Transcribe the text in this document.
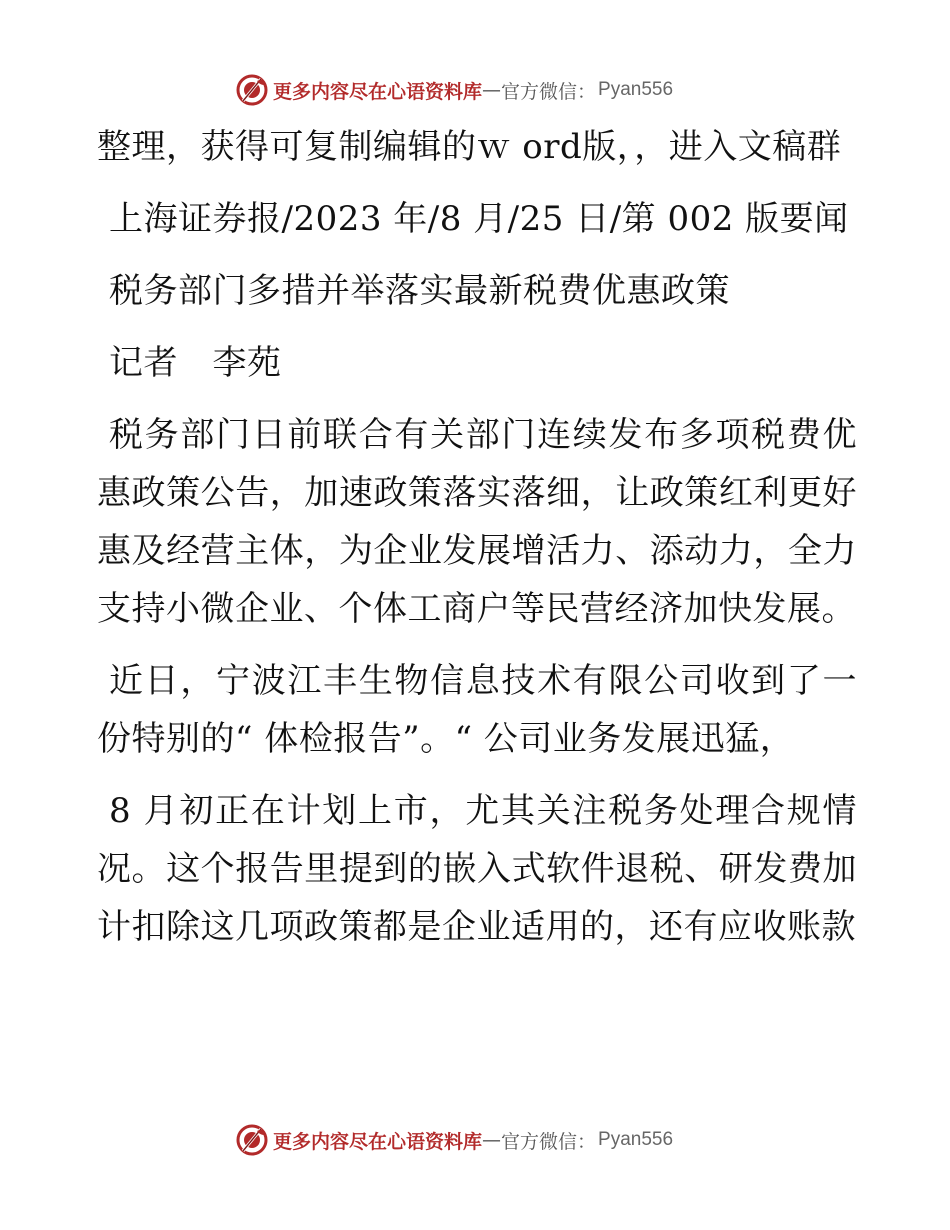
更多内容尽在心语资料库 — 官方微信： Pyan556

整理，获得可复制编辑的ｗ ord版，，进入文稿群

上海证券报/2023 年/8 月/25 日/第 002 版要闻

税务部门多措并举落实最新税费优惠政策

记者　李苑

税务部门日前联合有关部门连续发布多项税费优惠政策公告，加速政策落实落细，让政策红利更好惠及经营主体，为企业发展增活力、添动力，全力支持小微企业、个体工商户等民营经济加快发展。

近日，宁波江丰生物信息技术有限公司收到了一份特别的“ 体检报告”。“ 公司业务发展迅猛，

8 月初正在计划上市，尤其关注税务处理合规情况。这个报告里提到的嵌入式软件退税、研发费加计扣除这几项政策都是企业适用的，还有应收账款

更多内容尽在心语资料库 — 官方微信： Pyan556
